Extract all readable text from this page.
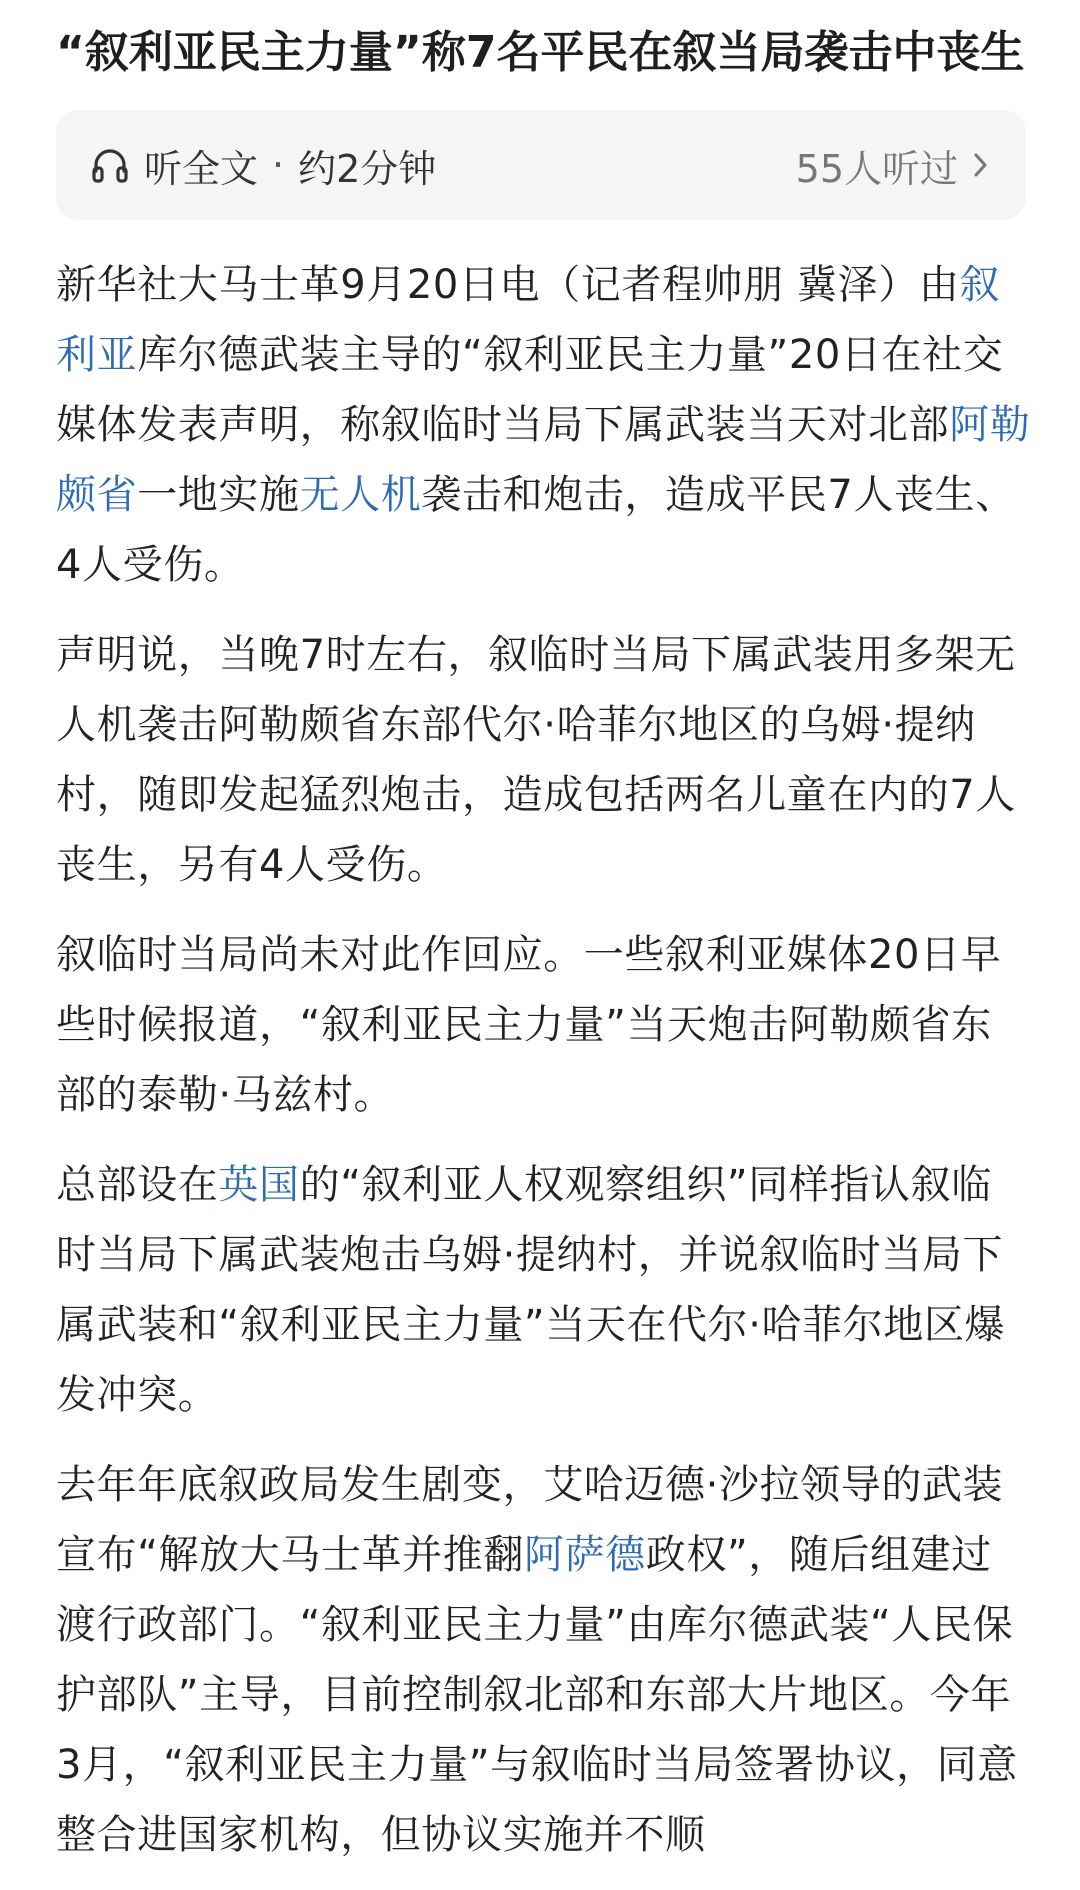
“叙利亚民主力量”称7名平民在叙当局袭击中丧生
听全文 · 约2分钟	55人听过

新华社大马士革9月20日电（记者程帅朋 冀泽）由叙利亚库尔德武装主导的“叙利亚民主力量”20日在社交媒体发表声明，称叙临时当局下属武装当天对北部阿勒颇省一地实施无人机袭击和炮击，造成平民7人丧生、4人受伤。

声明说，当晚7时左右，叙临时当局下属武装用多架无人机袭击阿勒颇省东部代尔·哈菲尔地区的乌姆·提纳村，随即发起猛烈炮击，造成包括两名儿童在内的7人丧生，另有4人受伤。

叙临时当局尚未对此作回应。一些叙利亚媒体20日早些时候报道，“叙利亚民主力量”当天炮击阿勒颇省东部的泰勒·马兹村。

总部设在英国的“叙利亚人权观察组织”同样指认叙临时当局下属武装炮击乌姆·提纳村，并说叙临时当局下属武装和“叙利亚民主力量”当天在代尔·哈菲尔地区爆发冲突。

去年年底叙政局发生剧变，艾哈迈德·沙拉领导的武装宣布“解放大马士革并推翻阿萨德政权”，随后组建过渡行政部门。“叙利亚民主力量”由库尔德武装“人民保护部队”主导，目前控制叙北部和东部大片地区。今年3月，“叙利亚民主力量”与叙临时当局签署协议，同意整合进国家机构，但协议实施并不顺
